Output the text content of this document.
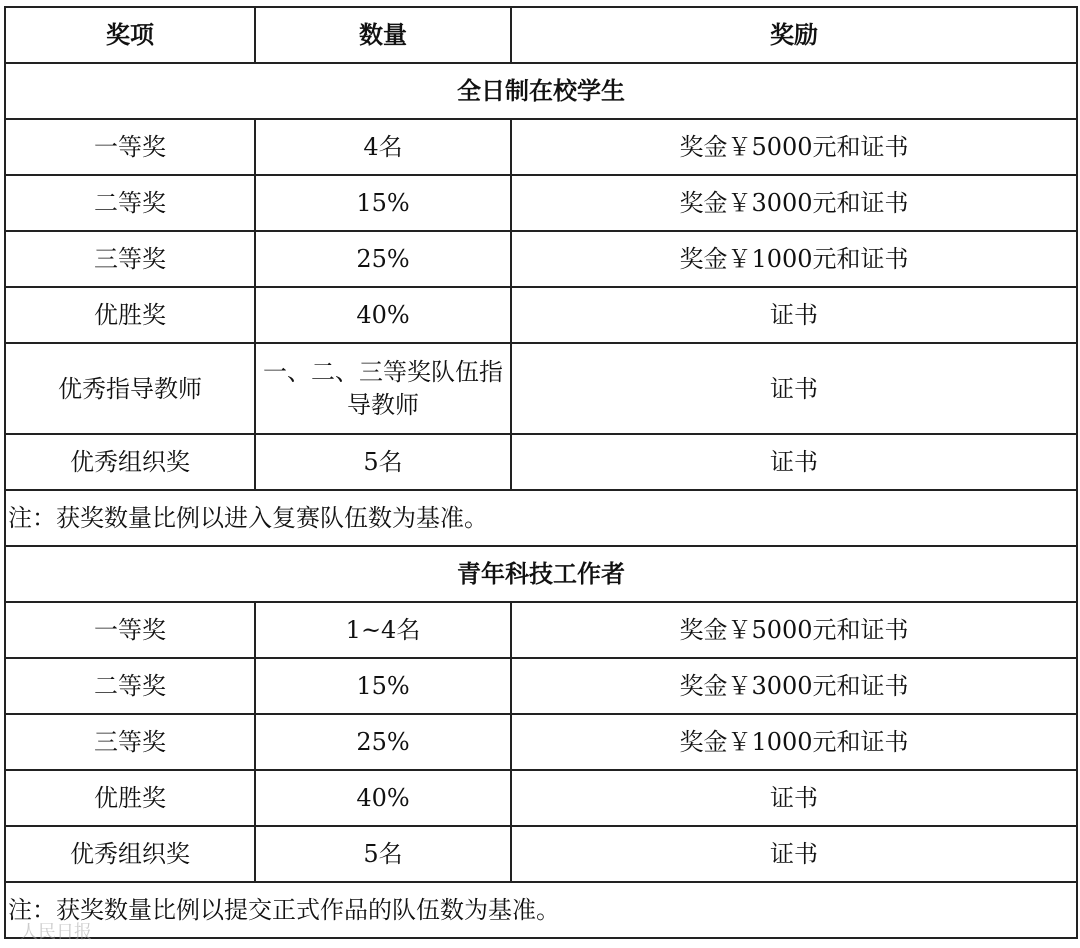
奖项	数量	奖励
全日制在校学生		
一等奖	4名	奖金￥5000元和证书
二等奖	15%	奖金￥3000元和证书
三等奖	25%	奖金￥1000元和证书
优胜奖	40%	证书
优秀指导教师	一、二、三等奖队伍指导教师	证书
优秀组织奖	5名	证书
注：获奖数量比例以进入复赛队伍数为基准。		
青年科技工作者		
一等奖	1~4名	奖金￥5000元和证书
二等奖	15%	奖金￥3000元和证书
三等奖	25%	奖金￥1000元和证书
优胜奖	40%	证书
优秀组织奖	5名	证书
注：获奖数量比例以提交正式作品的队伍数为基准。		
人民日报
